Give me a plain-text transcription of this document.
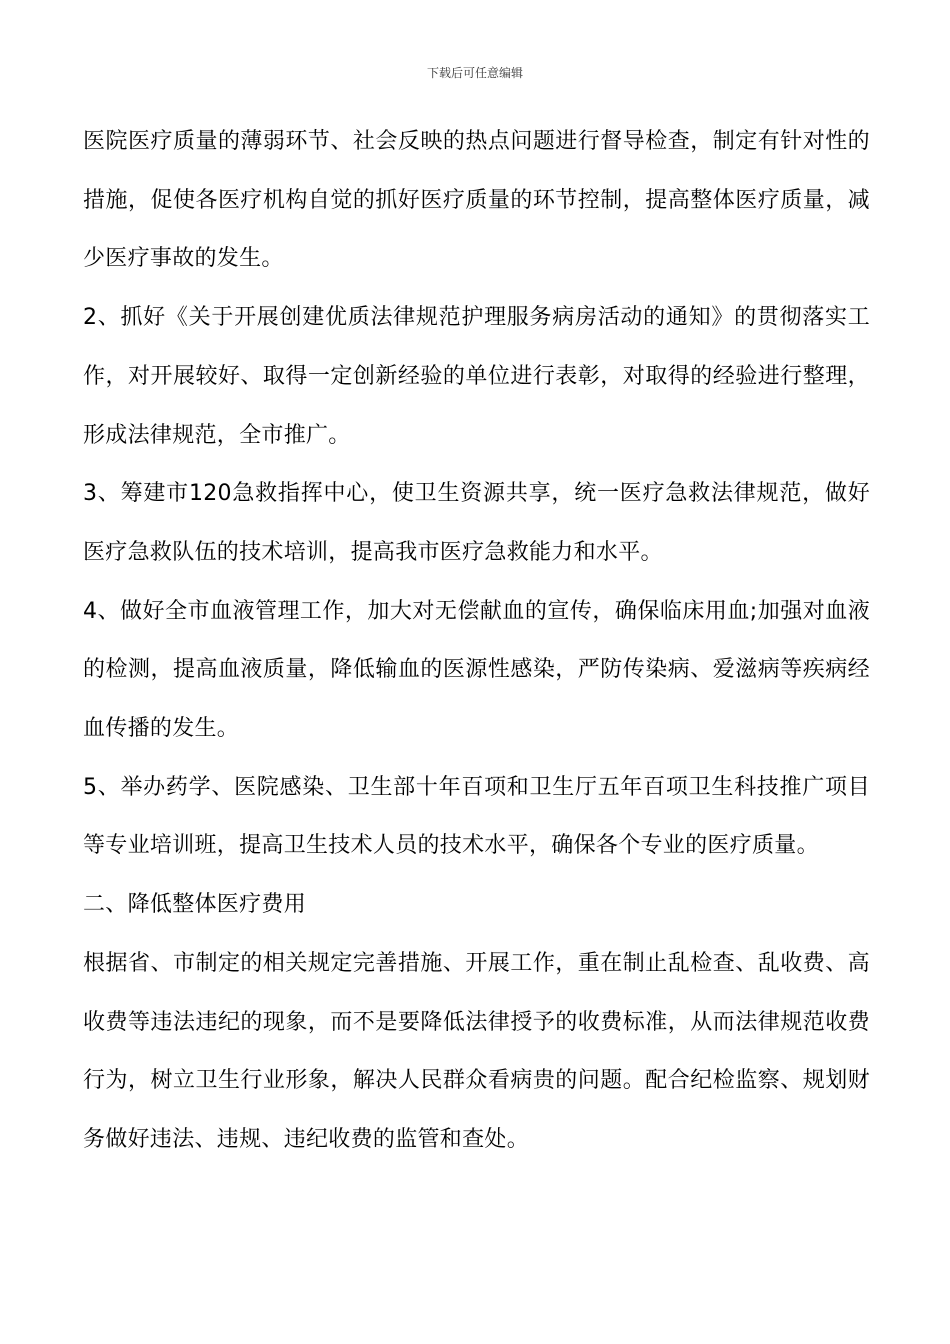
下载后可任意编辑

医院医疗质量的薄弱环节、社会反映的热点问题进行督导检查，制定有针对性的措施，促使各医疗机构自觉的抓好医疗质量的环节控制，提高整体医疗质量，减少医疗事故的发生。

2、抓好《关于开展创建优质法律规范护理服务病房活动的通知》的贯彻落实工作，对开展较好、取得一定创新经验的单位进行表彰，对取得的经验进行整理，形成法律规范，全市推广。

3、筹建市120急救指挥中心，使卫生资源共享，统一医疗急救法律规范，做好医疗急救队伍的技术培训，提高我市医疗急救能力和水平。

4、做好全市血液管理工作，加大对无偿献血的宣传，确保临床用血;加强对血液的检测，提高血液质量，降低输血的医源性感染，严防传染病、爱滋病等疾病经血传播的发生。

5、举办药学、医院感染、卫生部十年百项和卫生厅五年百项卫生科技推广项目等专业培训班，提高卫生技术人员的技术水平，确保各个专业的医疗质量。

二、降低整体医疗费用

根据省、市制定的相关规定完善措施、开展工作，重在制止乱检查、乱收费、高收费等违法违纪的现象，而不是要降低法律授予的收费标准，从而法律规范收费行为，树立卫生行业形象，解决人民群众看病贵的问题。配合纪检监察、规划财务做好违法、违规、违纪收费的监管和查处。
